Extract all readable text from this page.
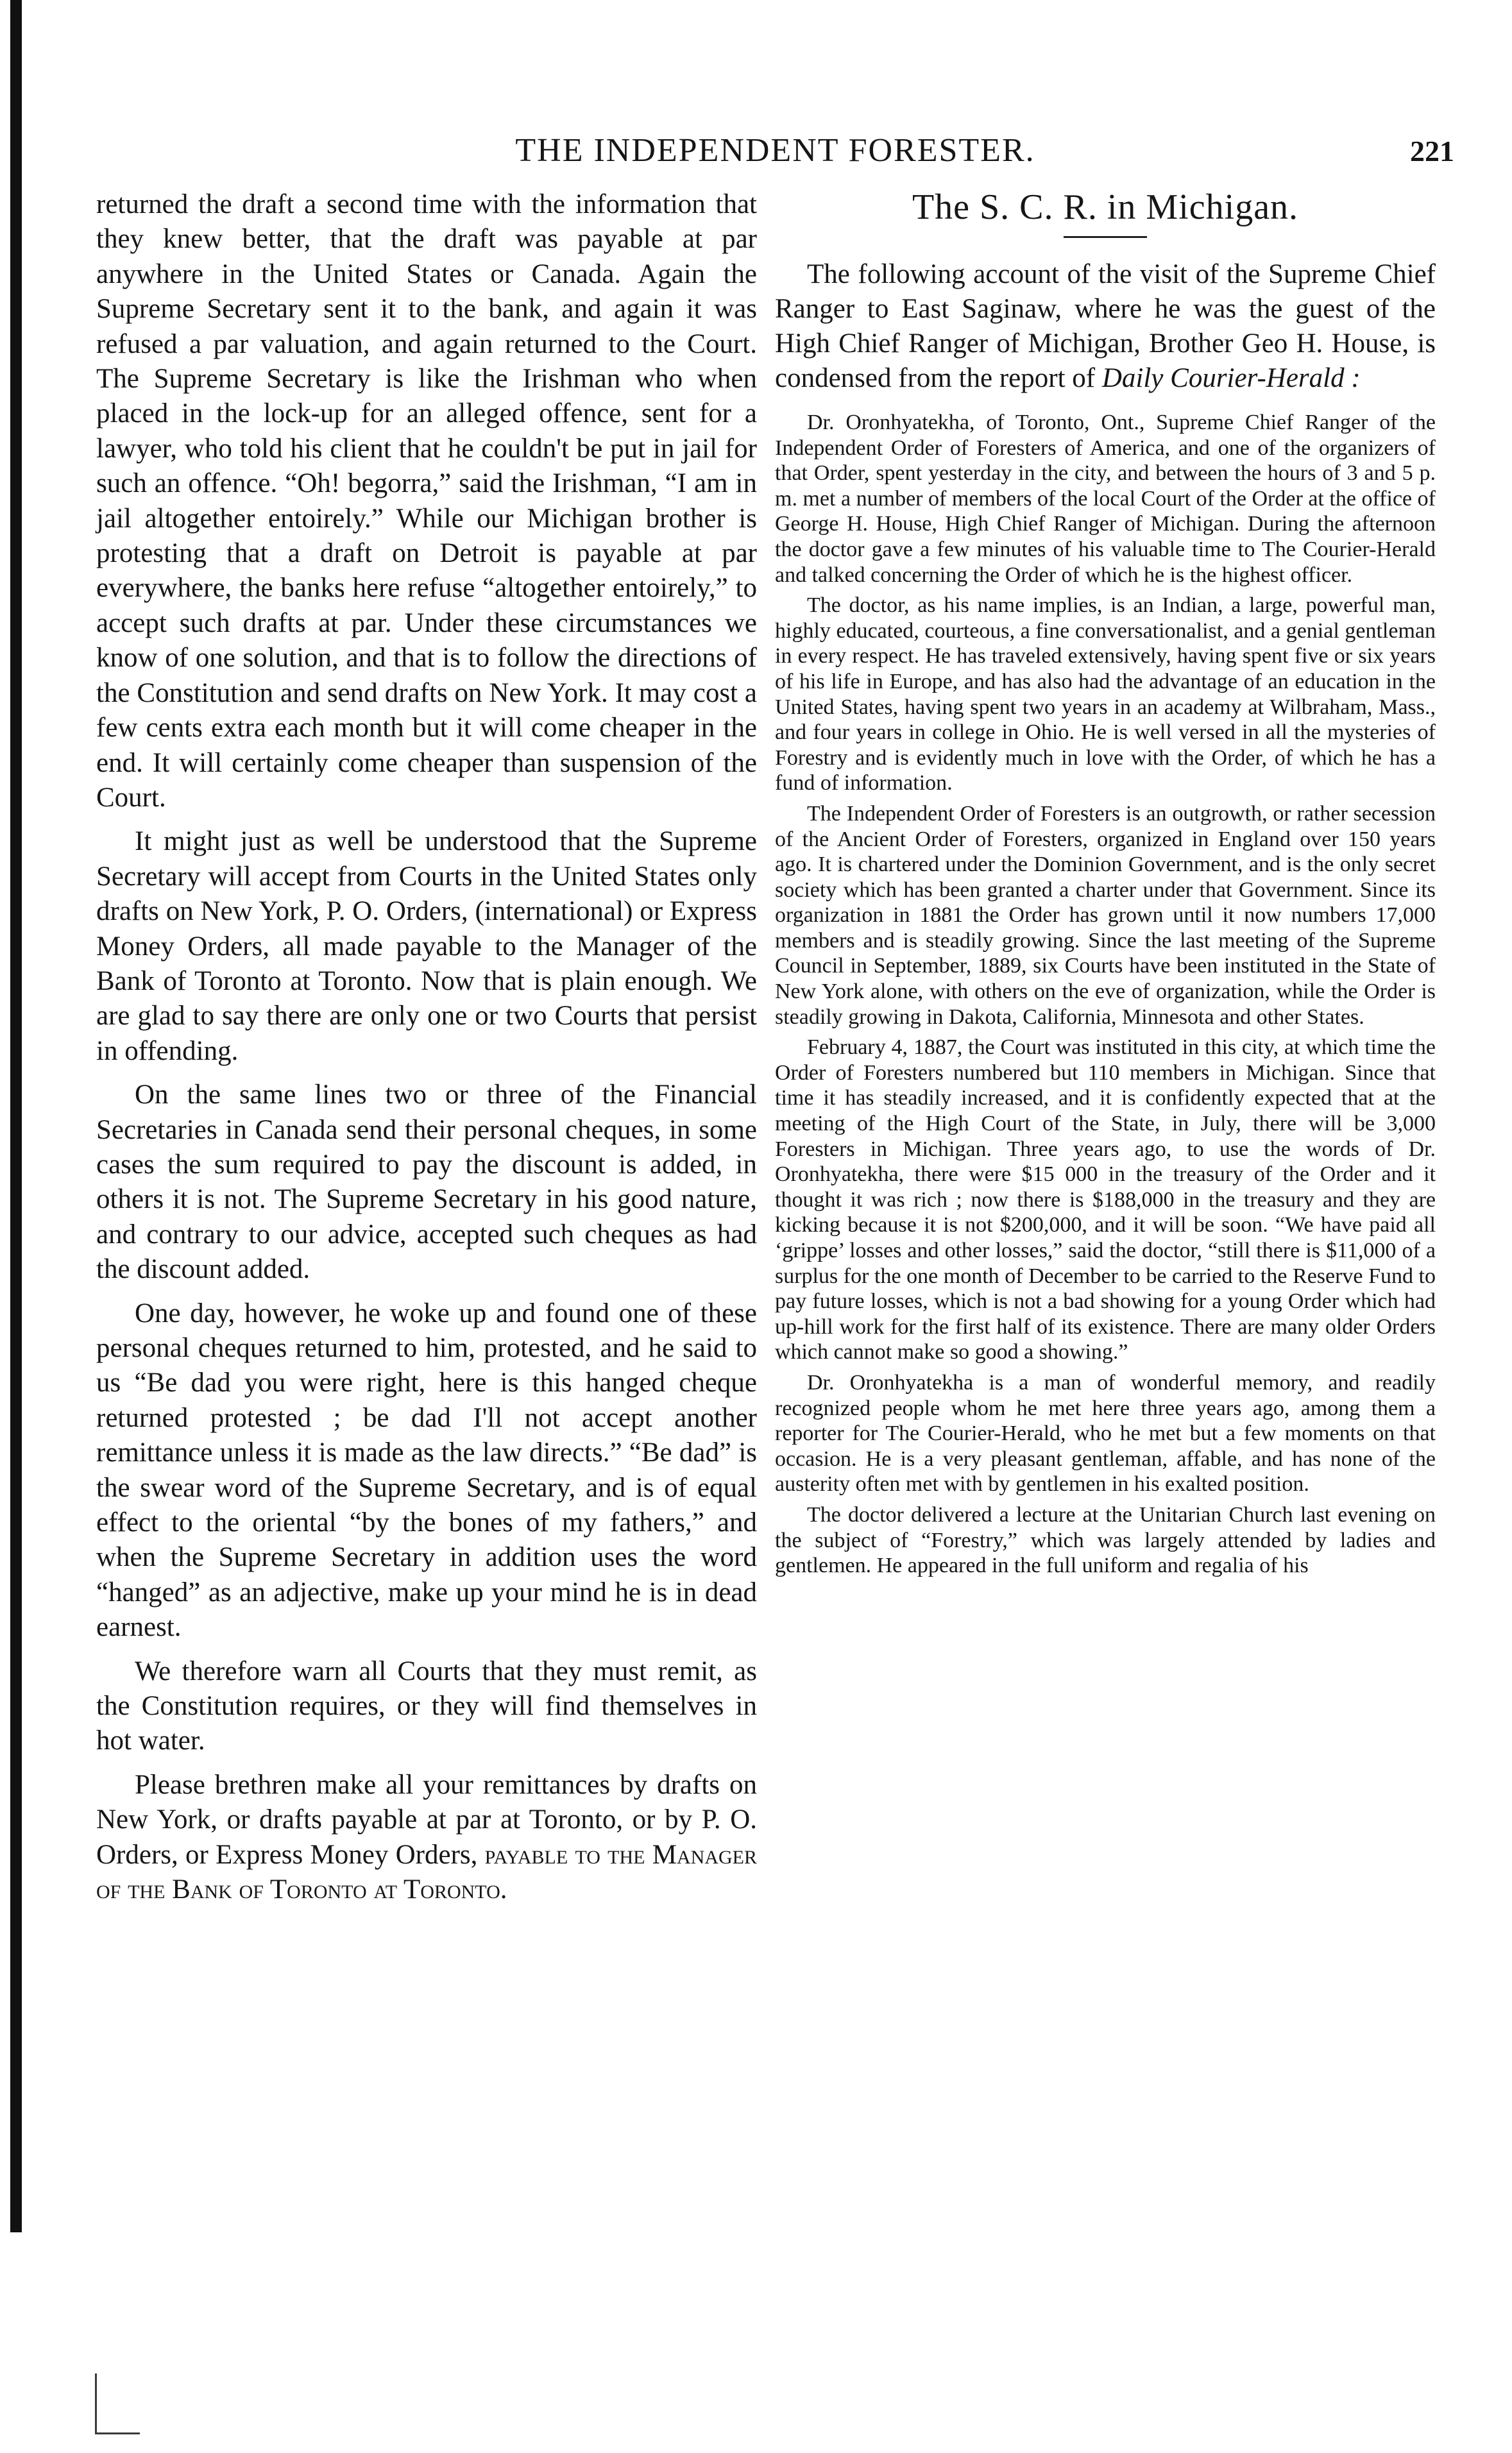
THE INDEPENDENT FORESTER.	221

returned the draft a second time with the information that they knew better, that the draft was payable at par anywhere in the United States or Canada. Again the Supreme Secretary sent it to the bank, and again it was refused a par valuation, and again returned to the Court. The Supreme Secretary is like the Irishman who when placed in the lock-up for an alleged offence, sent for a lawyer, who told his client that he couldn't be put in jail for such an offence. “Oh! begorra,” said the Irishman, “I am in jail altogether entoirely.” While our Michigan brother is protesting that a draft on Detroit is payable at par everywhere, the banks here refuse “altogether entoirely,” to accept such drafts at par. Under these circumstances we know of one solution, and that is to follow the directions of the Constitution and send drafts on New York. It may cost a few cents extra each month but it will come cheaper in the end. It will certainly come cheaper than suspension of the Court.

It might just as well be understood that the Supreme Secretary will accept from Courts in the United States only drafts on New York, P. O. Orders, (international) or Express Money Orders, all made payable to the Manager of the Bank of Toronto at Toronto. Now that is plain enough. We are glad to say there are only one or two Courts that persist in offending.

On the same lines two or three of the Financial Secretaries in Canada send their personal cheques, in some cases the sum required to pay the discount is added, in others it is not. The Supreme Secretary in his good nature, and contrary to our advice, accepted such cheques as had the discount added.

One day, however, he woke up and found one of these personal cheques returned to him, protested, and he said to us “Be dad you were right, here is this hanged cheque returned protested ; be dad I'll not accept another remittance unless it is made as the law directs.” “Be dad” is the swear word of the Supreme Secretary, and is of equal effect to the oriental “by the bones of my fathers,” and when the Supreme Secretary in addition uses the word “hanged” as an adjective, make up your mind he is in dead earnest.

We therefore warn all Courts that they must remit, as the Constitution requires, or they will find themselves in hot water.

Please brethren make all your remittances by drafts on New York, or drafts payable at par at Toronto, or by P. O. Orders, or Express Money Orders, payable to the Manager of the Bank of Toronto at Toronto.

The S. C. R. in Michigan.

The following account of the visit of the Supreme Chief Ranger to East Saginaw, where he was the guest of the High Chief Ranger of Michigan, Brother Geo H. House, is condensed from the report of Daily Courier-Herald :

Dr. Oronhyatekha, of Toronto, Ont., Supreme Chief Ranger of the Independent Order of Foresters of America, and one of the organizers of that Order, spent yesterday in the city, and between the hours of 3 and 5 p. m. met a number of members of the local Court of the Order at the office of George H. House, High Chief Ranger of Michigan. During the afternoon the doctor gave a few minutes of his valuable time to The Courier-Herald and talked concerning the Order of which he is the highest officer.

The doctor, as his name implies, is an Indian, a large, powerful man, highly educated, courteous, a fine conversationalist, and a genial gentleman in every respect. He has traveled extensively, having spent five or six years of his life in Europe, and has also had the advantage of an education in the United States, having spent two years in an academy at Wilbraham, Mass., and four years in college in Ohio. He is well versed in all the mysteries of Forestry and is evidently much in love with the Order, of which he has a fund of information.

The Independent Order of Foresters is an outgrowth, or rather secession of the Ancient Order of Foresters, organized in England over 150 years ago. It is chartered under the Dominion Government, and is the only secret society which has been granted a charter under that Government. Since its organization in 1881 the Order has grown until it now numbers 17,000 members and is steadily growing. Since the last meeting of the Supreme Council in September, 1889, six Courts have been instituted in the State of New York alone, with others on the eve of organization, while the Order is steadily growing in Dakota, California, Minnesota and other States.

February 4, 1887, the Court was instituted in this city, at which time the Order of Foresters numbered but 110 members in Michigan. Since that time it has steadily increased, and it is confidently expected that at the meeting of the High Court of the State, in July, there will be 3,000 Foresters in Michigan. Three years ago, to use the words of Dr. Oronhyatekha, there were $15 000 in the treasury of the Order and it thought it was rich ; now there is $188,000 in the treasury and they are kicking because it is not $200,000, and it will be soon. “We have paid all ‘grippe’ losses and other losses,” said the doctor, “still there is $11,000 of a surplus for the one month of December to be carried to the Reserve Fund to pay future losses, which is not a bad showing for a young Order which had up-hill work for the first half of its existence. There are many older Orders which cannot make so good a showing.”

Dr. Oronhyatekha is a man of wonderful memory, and readily recognized people whom he met here three years ago, among them a reporter for The Courier-Herald, who he met but a few moments on that occasion. He is a very pleasant gentleman, affable, and has none of the austerity often met with by gentlemen in his exalted position.

The doctor delivered a lecture at the Unitarian Church last evening on the subject of “Forestry,” which was largely attended by ladies and gentlemen. He appeared in the full uniform and regalia of his
